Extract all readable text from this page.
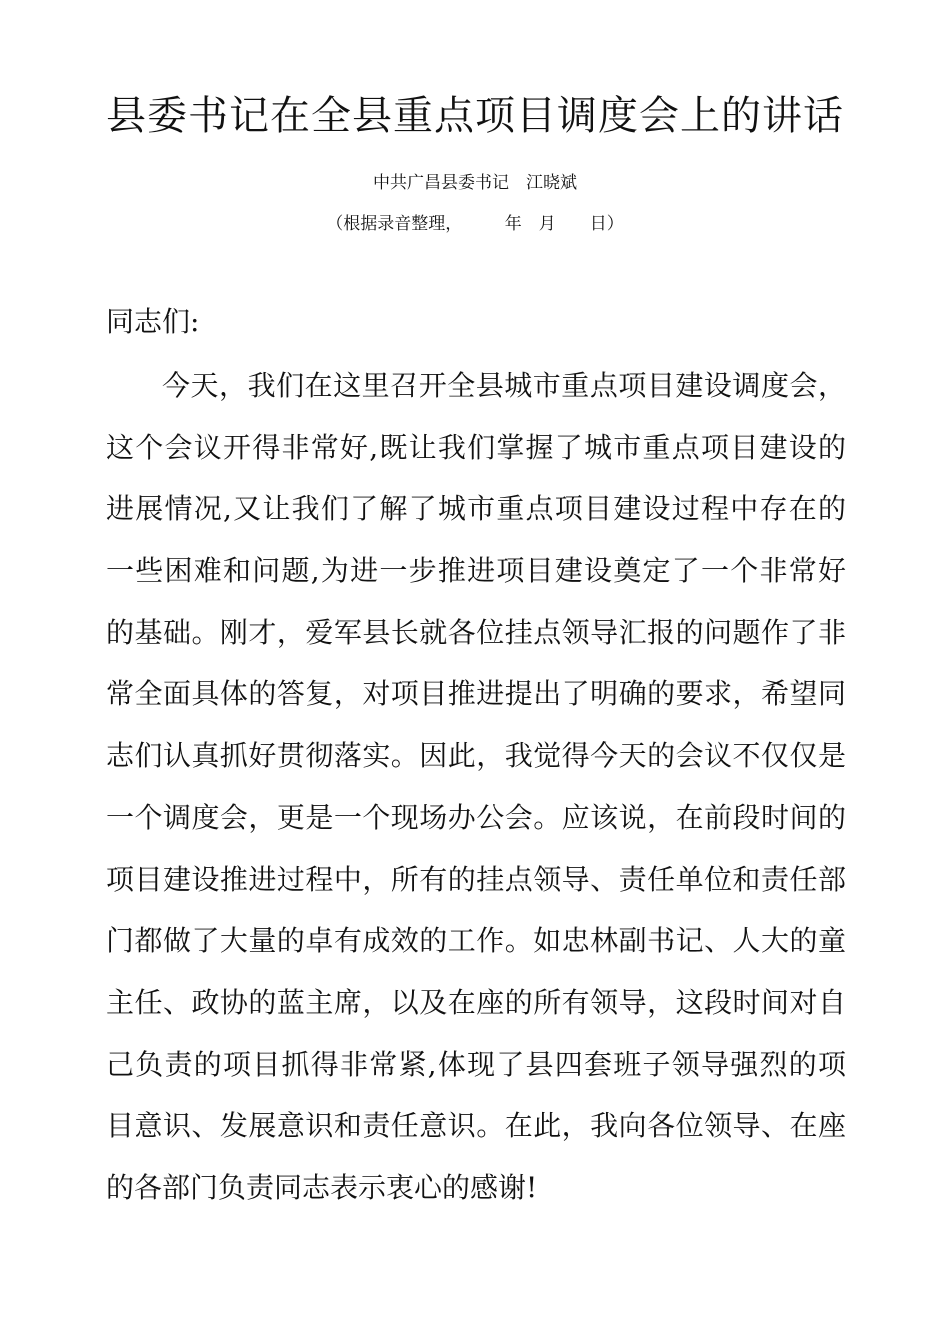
县委书记在全县重点项目调度会上的讲话
中共广昌县委书记　江晓斌
（根据录音整理，　　　年　月　　日）
同志们:
今天，我们在这里召开全县城市重点项目建设调度会，
这个会议开得非常好,既让我们掌握了城市重点项目建设的
进展情况,又让我们了解了城市重点项目建设过程中存在的
一些困难和问题,为进一步推进项目建设奠定了一个非常好
的基础。刚才，爱军县长就各位挂点领导汇报的问题作了非
常全面具体的答复，对项目推进提出了明确的要求，希望同
志们认真抓好贯彻落实。因此，我觉得今天的会议不仅仅是
一个调度会，更是一个现场办公会。应该说，在前段时间的
项目建设推进过程中，所有的挂点领导、责任单位和责任部
门都做了大量的卓有成效的工作。如忠林副书记、人大的童
主任、政协的蓝主席，以及在座的所有领导，这段时间对自
己负责的项目抓得非常紧,体现了县四套班子领导强烈的项
目意识、发展意识和责任意识。在此，我向各位领导、在座
的各部门负责同志表示衷心的感谢!
